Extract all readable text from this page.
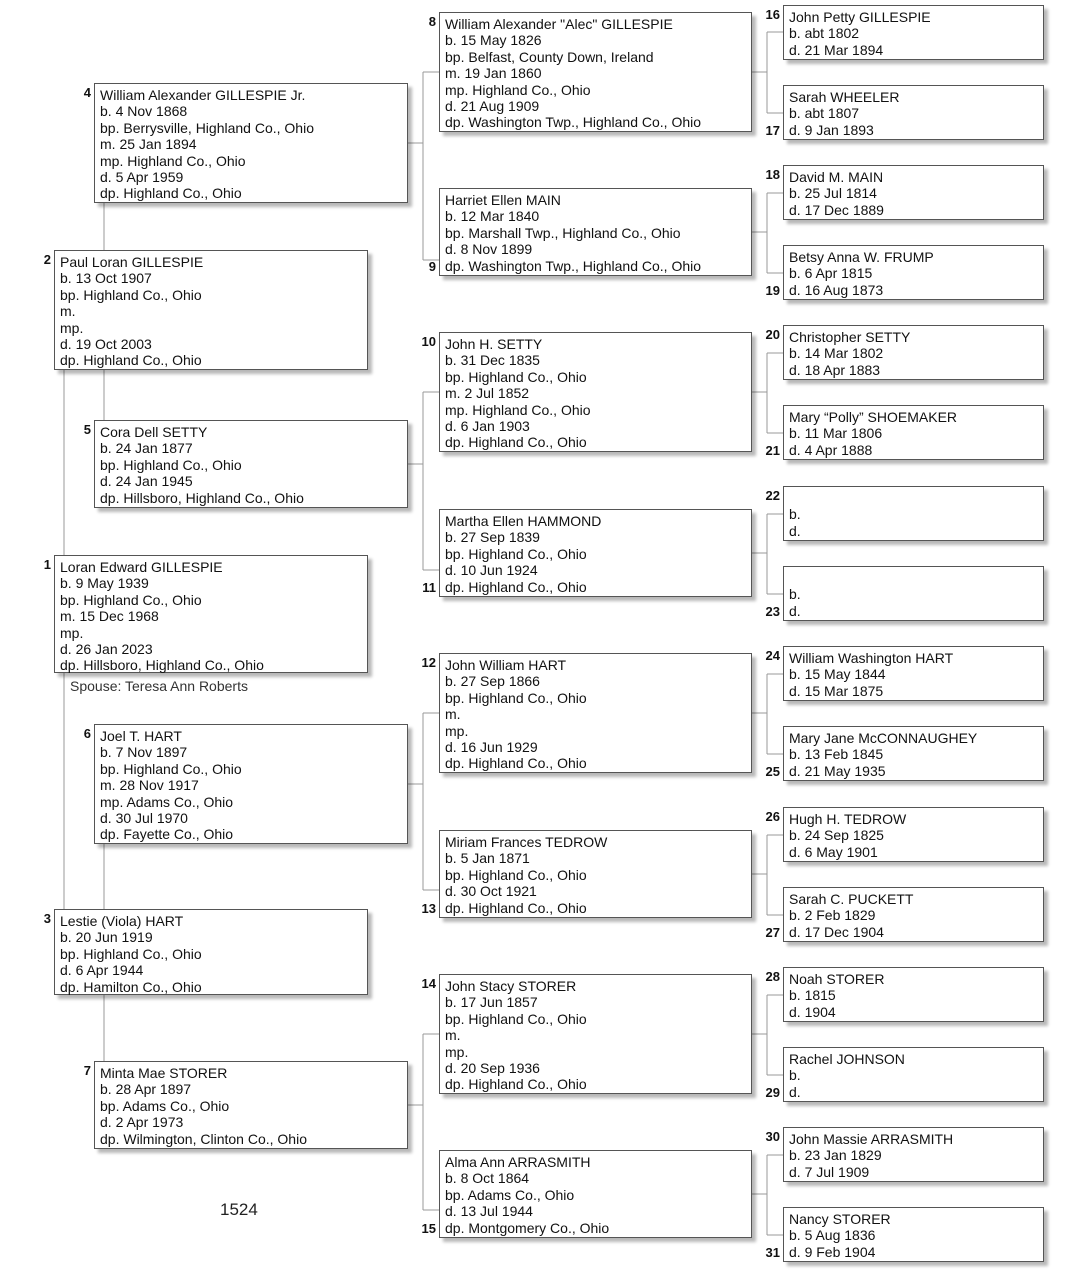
Spouse: Teresa Ann Roberts
1524
Loran Edward GILLESPIE
b. 9 May 1939
bp. Highland Co., Ohio
m. 15 Dec 1968
mp.
d. 26 Jan 2023
dp. Hillsboro, Highland Co., Ohio
1
Paul Loran GILLESPIE
b. 13 Oct 1907
bp. Highland Co., Ohio
m.
mp.
d. 19 Oct 2003
dp. Highland Co., Ohio
2
Lestie (Viola) HART
b. 20 Jun 1919
bp. Highland Co., Ohio
d. 6 Apr 1944
dp. Hamilton Co., Ohio
3
William Alexander GILLESPIE Jr.
b. 4 Nov 1868
bp. Berrysville, Highland Co., Ohio
m. 25 Jan 1894
mp. Highland Co., Ohio
d. 5 Apr 1959
dp. Highland Co., Ohio
4
Cora Dell SETTY
b. 24 Jan 1877
bp. Highland Co., Ohio
d. 24 Jan 1945
dp. Hillsboro, Highland Co., Ohio
5
Joel T. HART
b. 7 Nov 1897
bp. Highland Co., Ohio
m. 28 Nov 1917
mp. Adams Co., Ohio
d. 30 Jul 1970
dp. Fayette Co., Ohio
6
Minta Mae STORER
b. 28 Apr 1897
bp. Adams Co., Ohio
d. 2 Apr 1973
dp. Wilmington, Clinton Co., Ohio
7
William Alexander "Alec" GILLESPIE
b. 15 May 1826
bp. Belfast, County Down, Ireland
m. 19 Jan 1860
mp. Highland Co., Ohio
d. 21 Aug 1909
dp. Washington Twp., Highland Co., Ohio
8
Harriet Ellen MAIN
b. 12 Mar 1840
bp. Marshall Twp., Highland Co., Ohio
d. 8 Nov 1899
dp. Washington Twp., Highland Co., Ohio
9
John H. SETTY
b. 31 Dec 1835
bp. Highland Co., Ohio
m. 2 Jul 1852
mp. Highland Co., Ohio
d. 6 Jan 1903
dp. Highland Co., Ohio
10
Martha Ellen HAMMOND
b. 27 Sep 1839
bp. Highland Co., Ohio
d. 10 Jun 1924
dp. Highland Co., Ohio
11
John William HART
b. 27 Sep 1866
bp. Highland Co., Ohio
m.
mp.
d. 16 Jun 1929
dp. Highland Co., Ohio
12
Miriam Frances TEDROW
b. 5 Jan 1871
bp. Highland Co., Ohio
d. 30 Oct 1921
dp. Highland Co., Ohio
13
John Stacy STORER
b. 17 Jun 1857
bp. Highland Co., Ohio
m.
mp.
d. 20 Sep 1936
dp. Highland Co., Ohio
14
Alma Ann ARRASMITH
b. 8 Oct 1864
bp. Adams Co., Ohio
d. 13 Jul 1944
dp. Montgomery Co., Ohio
15
John Petty GILLESPIE
b. abt 1802
d. 21 Mar 1894
16
Sarah WHEELER
b. abt 1807
d. 9 Jan 1893
17
David M. MAIN
b. 25 Jul 1814
d. 17 Dec 1889
18
Betsy Anna W. FRUMP
b. 6 Apr 1815
d. 16 Aug 1873
19
Christopher SETTY
b. 14 Mar 1802
d. 18 Apr 1883
20
Mary “Polly” SHOEMAKER
b. 11 Mar 1806
d. 4 Apr 1888
21
b.
d.
22
b.
d.
23
William Washington HART
b. 15 May 1844
d. 15 Mar 1875
24
Mary Jane McCONNAUGHEY
b. 13 Feb 1845
d. 21 May 1935
25
Hugh H. TEDROW
b. 24 Sep 1825
d. 6 May 1901
26
Sarah C. PUCKETT
b. 2 Feb 1829
d. 17 Dec 1904
27
Noah STORER
b. 1815
d. 1904
28
Rachel JOHNSON
b.
d.
29
John Massie ARRASMITH
b. 23 Jan 1829
d. 7 Jul 1909
30
Nancy STORER
b. 5 Aug 1836
d. 9 Feb 1904
31
